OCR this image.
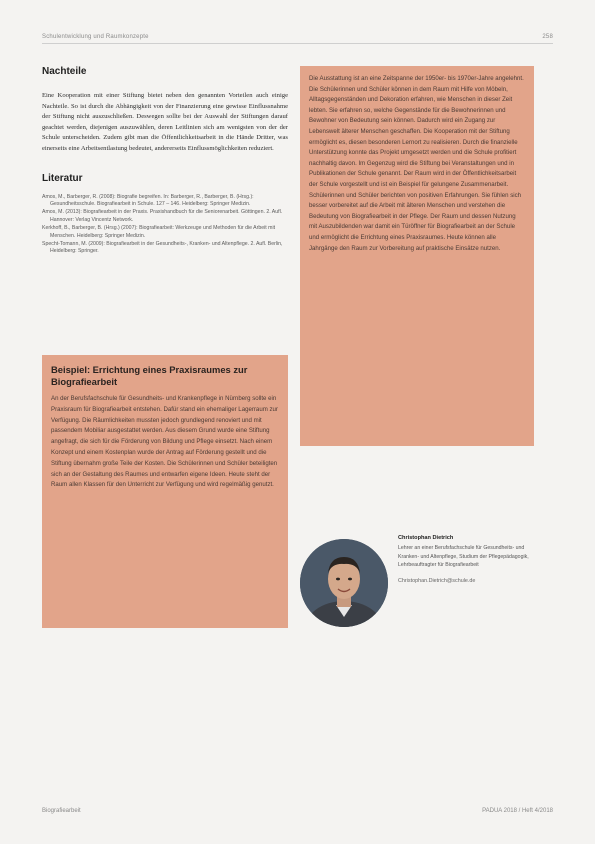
Schulentwicklung und Raumkonzepte	258
Nachteile

Eine Kooperation mit einer Stiftung bietet neben den genannten Vorteilen auch einige Nachteile. So ist durch die Abhängigkeit von der Finanzierung eine gewisse Einflussnahme der Stiftung nicht auszuschließen. Deswegen sollte bei der Auswahl der Stiftungen darauf geachtet werden, diejenigen auszuwählen, deren Leitlinien sich am wenigsten von der der Schule unterscheiden. Zudem gibt man die Öffentlichkeitsarbeit in die Hände Dritter, was einerseits eine Arbeitsentlastung bedeutet, andererseits Einflussmöglichkeiten reduziert.

Literatur

Amos, M., Barberger, R. (2008): Biografie begreifen. In: Barberger, R., Barberger, B. (Hrsg.): Gesundheitsschule. Biografiearbeit in Schule. 127 – 146. Heidelberg: Springer Medizin.

Amos, M. (2013): Biografiearbeit in der Praxis. Praxishandbuch für die Seniorenarbeit. Göttingen. 2. Aufl. Hannover: Verlag Vincentz Network.

Kerkhoff, B., Barberger, B. (Hrsg.) (2007): Biografiearbeit: Werkzeuge und Methoden für die Arbeit mit Menschen. Heidelberg: Springer Medizin.

Specht-Tomann, M. (2009): Biografiearbeit in der Gesundheits-, Kranken- und Altenpflege. 2. Aufl. Berlin, Heidelberg: Springer.

Beispiel: Errichtung eines Praxisraumes zur Biografiearbeit

An der Berufsfachschule für Gesundheits- und Krankenpflege in Nürnberg sollte ein Praxisraum für Biografiearbeit entstehen. Dafür stand ein ehemaliger Lagerraum zur Verfügung. Die Räumlichkeiten mussten jedoch grundlegend renoviert und mit passendem Mobiliar ausgestattet werden. Aus diesem Grund wurde eine Stiftung angefragt, die sich für die Förderung von Bildung und Pflege einsetzt. Nach einem Konzept und einem Kostenplan wurde der Antrag auf Förderung gestellt und die Stiftung übernahm große Teile der Kosten. Die Schülerinnen und Schüler beteiligten sich an der Gestaltung des Raumes und entwarfen eigene Ideen. Heute steht der Raum allen Klassen für den Unterricht zur Verfügung und wird regelmäßig genutzt.

Die Ausstattung ist an eine Zeitspanne der 1950er- bis 1970er-Jahre angelehnt. Die Schülerinnen und Schüler können in dem Raum mit Hilfe von Möbeln, Alltagsgegenständen und Dekoration erfahren, wie Menschen in dieser Zeit lebten. Sie erfahren so, welche Gegenstände für die Bewohnerinnen und Bewohner von Bedeutung sein können. Dadurch wird ein Zugang zur Lebenswelt älterer Menschen geschaffen. Die Kooperation mit der Stiftung ermöglicht es, diesen besonderen Lernort zu realisieren. Durch die finanzielle Unterstützung konnte das Projekt umgesetzt werden und die Schule profitiert nachhaltig davon. Im Gegenzug wird die Stiftung bei Veranstaltungen und in Publikationen der Schule genannt. Der Raum wird in der Öffentlichkeitsarbeit der Schule vorgestellt und ist ein Beispiel für gelungene Zusammenarbeit. Schülerinnen und Schüler berichten von positiven Erfahrungen. Sie fühlen sich besser vorbereitet auf die Arbeit mit älteren Menschen und verstehen die Bedeutung von Biografiearbeit in der Pflege. Der Raum und dessen Nutzung mit Auszubildenden war damit ein Türöffner für Biografiearbeit an der Schule und ermöglicht die Errichtung eines Praxisraumes. Heute können alle Jahrgänge den Raum zur Vorbereitung auf praktische Einsätze nutzen.

Christophan Dietrich

Lehrer an einer Berufsfachschule für Gesundheits- und Kranken- und Altenpflege, Studium der Pflegepädagogik, Lehrbeauftragter für Biografiearbeit

Christophan.Dietrich@schule.de

Biografiearbeit	PADUA 2018 / Heft 4/2018
